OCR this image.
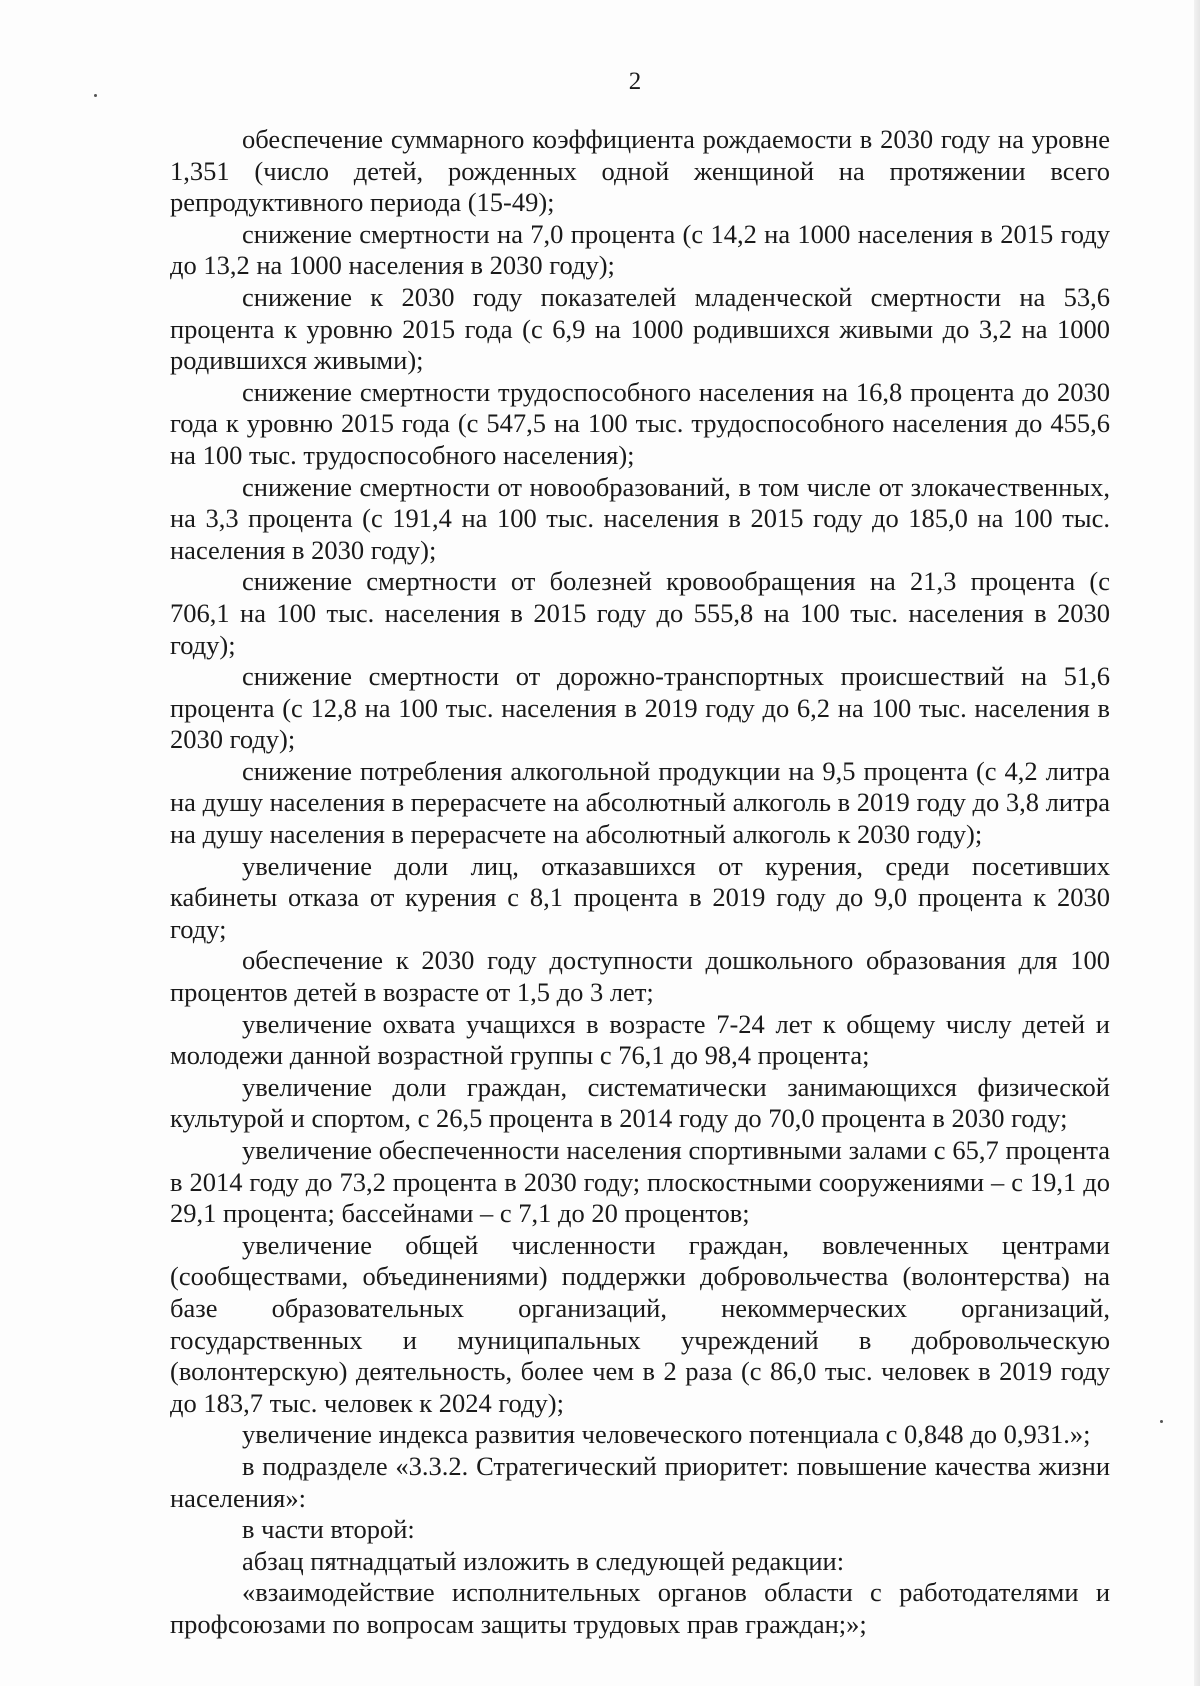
2

обеспечение суммарного коэффициента рождаемости в 2030 году на уровне 1,351 (число детей, рожденных одной женщиной на протяжении всего репродуктивного периода (15-49);

снижение смертности на 7,0 процента (с 14,2 на 1000 населения в 2015 году до 13,2 на 1000 населения в 2030 году);

снижение к 2030 году показателей младенческой смертности на 53,6 процента к уровню 2015 года (с 6,9 на 1000 родившихся живыми до 3,2 на 1000 родившихся живыми);

снижение смертности трудоспособного населения на 16,8 процента до 2030 года к уровню 2015 года (с 547,5 на 100 тыс. трудоспособного населения до 455,6 на 100 тыс. трудоспособного населения);

снижение смертности от новообразований, в том числе от злокачественных, на 3,3 процента (с 191,4 на 100 тыс. населения в 2015 году до 185,0 на 100 тыс. населения в 2030 году);

снижение смертности от болезней кровообращения на 21,3 процента (с 706,1 на 100 тыс. населения в 2015 году до 555,8 на 100 тыс. населения в 2030 году);

снижение смертности от дорожно-транспортных происшествий на 51,6 процента (с 12,8 на 100 тыс. населения в 2019 году до 6,2 на 100 тыс. населения в 2030 году);

снижение потребления алкогольной продукции на 9,5 процента (с 4,2 литра на душу населения в перерасчете на абсолютный алкоголь в 2019 году до 3,8 литра на душу населения в перерасчете на абсолютный алкоголь к 2030 году);

увеличение доли лиц, отказавшихся от курения, среди посетивших кабинеты отказа от курения с 8,1 процента в 2019 году до 9,0 процента к 2030 году;

обеспечение к 2030 году доступности дошкольного образования для 100 процентов детей в возрасте от 1,5 до 3 лет;

увеличение охвата учащихся в возрасте 7-24 лет к общему числу детей и молодежи данной возрастной группы с 76,1 до 98,4 процента;

увеличение доли граждан, систематически занимающихся физической культурой и спортом, с 26,5 процента в 2014 году до 70,0 процента в 2030 году;

увеличение обеспеченности населения спортивными залами с 65,7 процента в 2014 году до 73,2 процента в 2030 году; плоскостными сооружениями – с 19,1 до 29,1 процента; бассейнами – с 7,1 до 20 процентов;

увеличение общей численности граждан, вовлеченных центрами (сообществами, объединениями) поддержки добровольчества (волонтерства) на базе образовательных организаций, некоммерческих организаций, государственных и муниципальных учреждений в добровольческую (волонтерскую) деятельность, более чем в 2 раза (с 86,0 тыс. человек в 2019 году до 183,7 тыс. человек к 2024 году);

увеличение индекса развития человеческого потенциала с 0,848 до 0,931.»;

в подразделе «3.3.2. Стратегический приоритет: повышение качества жизни населения»:

в части второй:

абзац пятнадцатый изложить в следующей редакции:

«взаимодействие исполнительных органов области с работодателями и профсоюзами по вопросам защиты трудовых прав граждан;»;
